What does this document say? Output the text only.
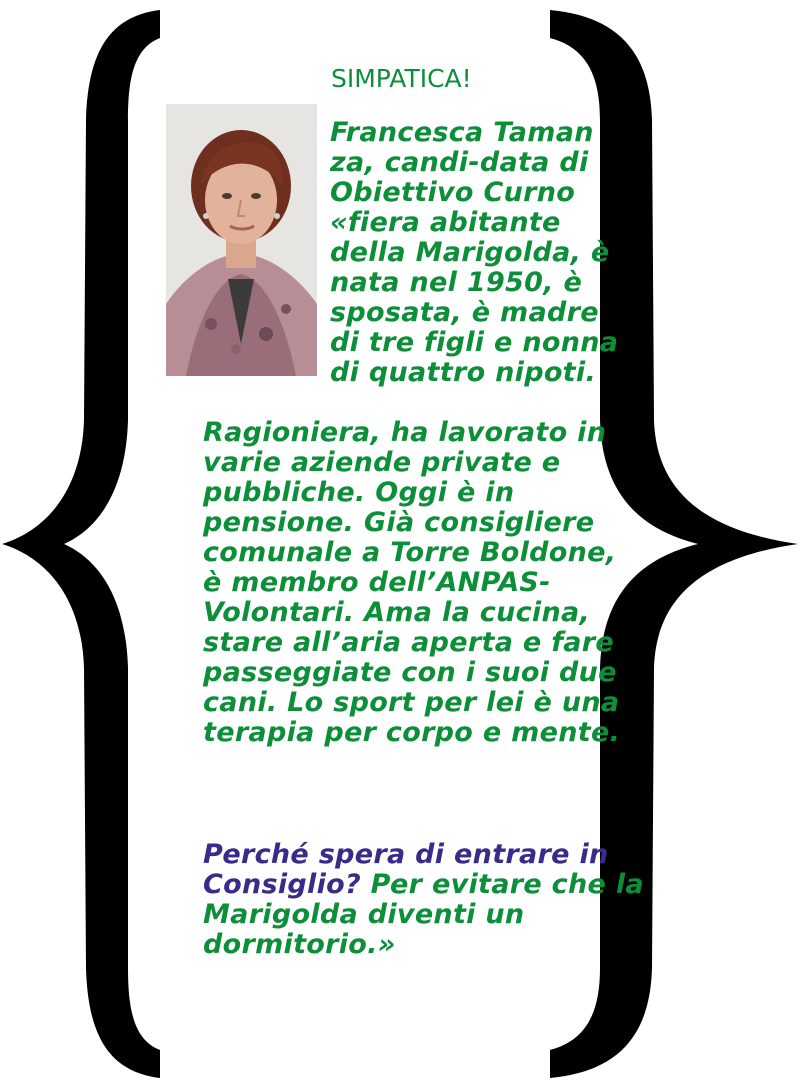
SIMPATICA!

Francesca Taman
za, candi-data di
Obiettivo Curno
«fiera abitante
della Marigolda, è
nata nel 1950, è
sposata, è madre
di tre figli e nonna
di quattro nipoti.

Ragioniera, ha lavorato in
varie aziende private e
pubbliche. Oggi è in
pensione. Già consigliere
comunale a Torre Boldone,
è membro dell’ANPAS-
Volontari. Ama la cucina,
stare all’aria aperta e fare
passeggiate con i suoi due
cani. Lo sport per lei è una
terapia per corpo e mente.

Perché spera di entrare in
Consiglio? Per evitare che la
Marigolda diventi un
dormitorio.»
